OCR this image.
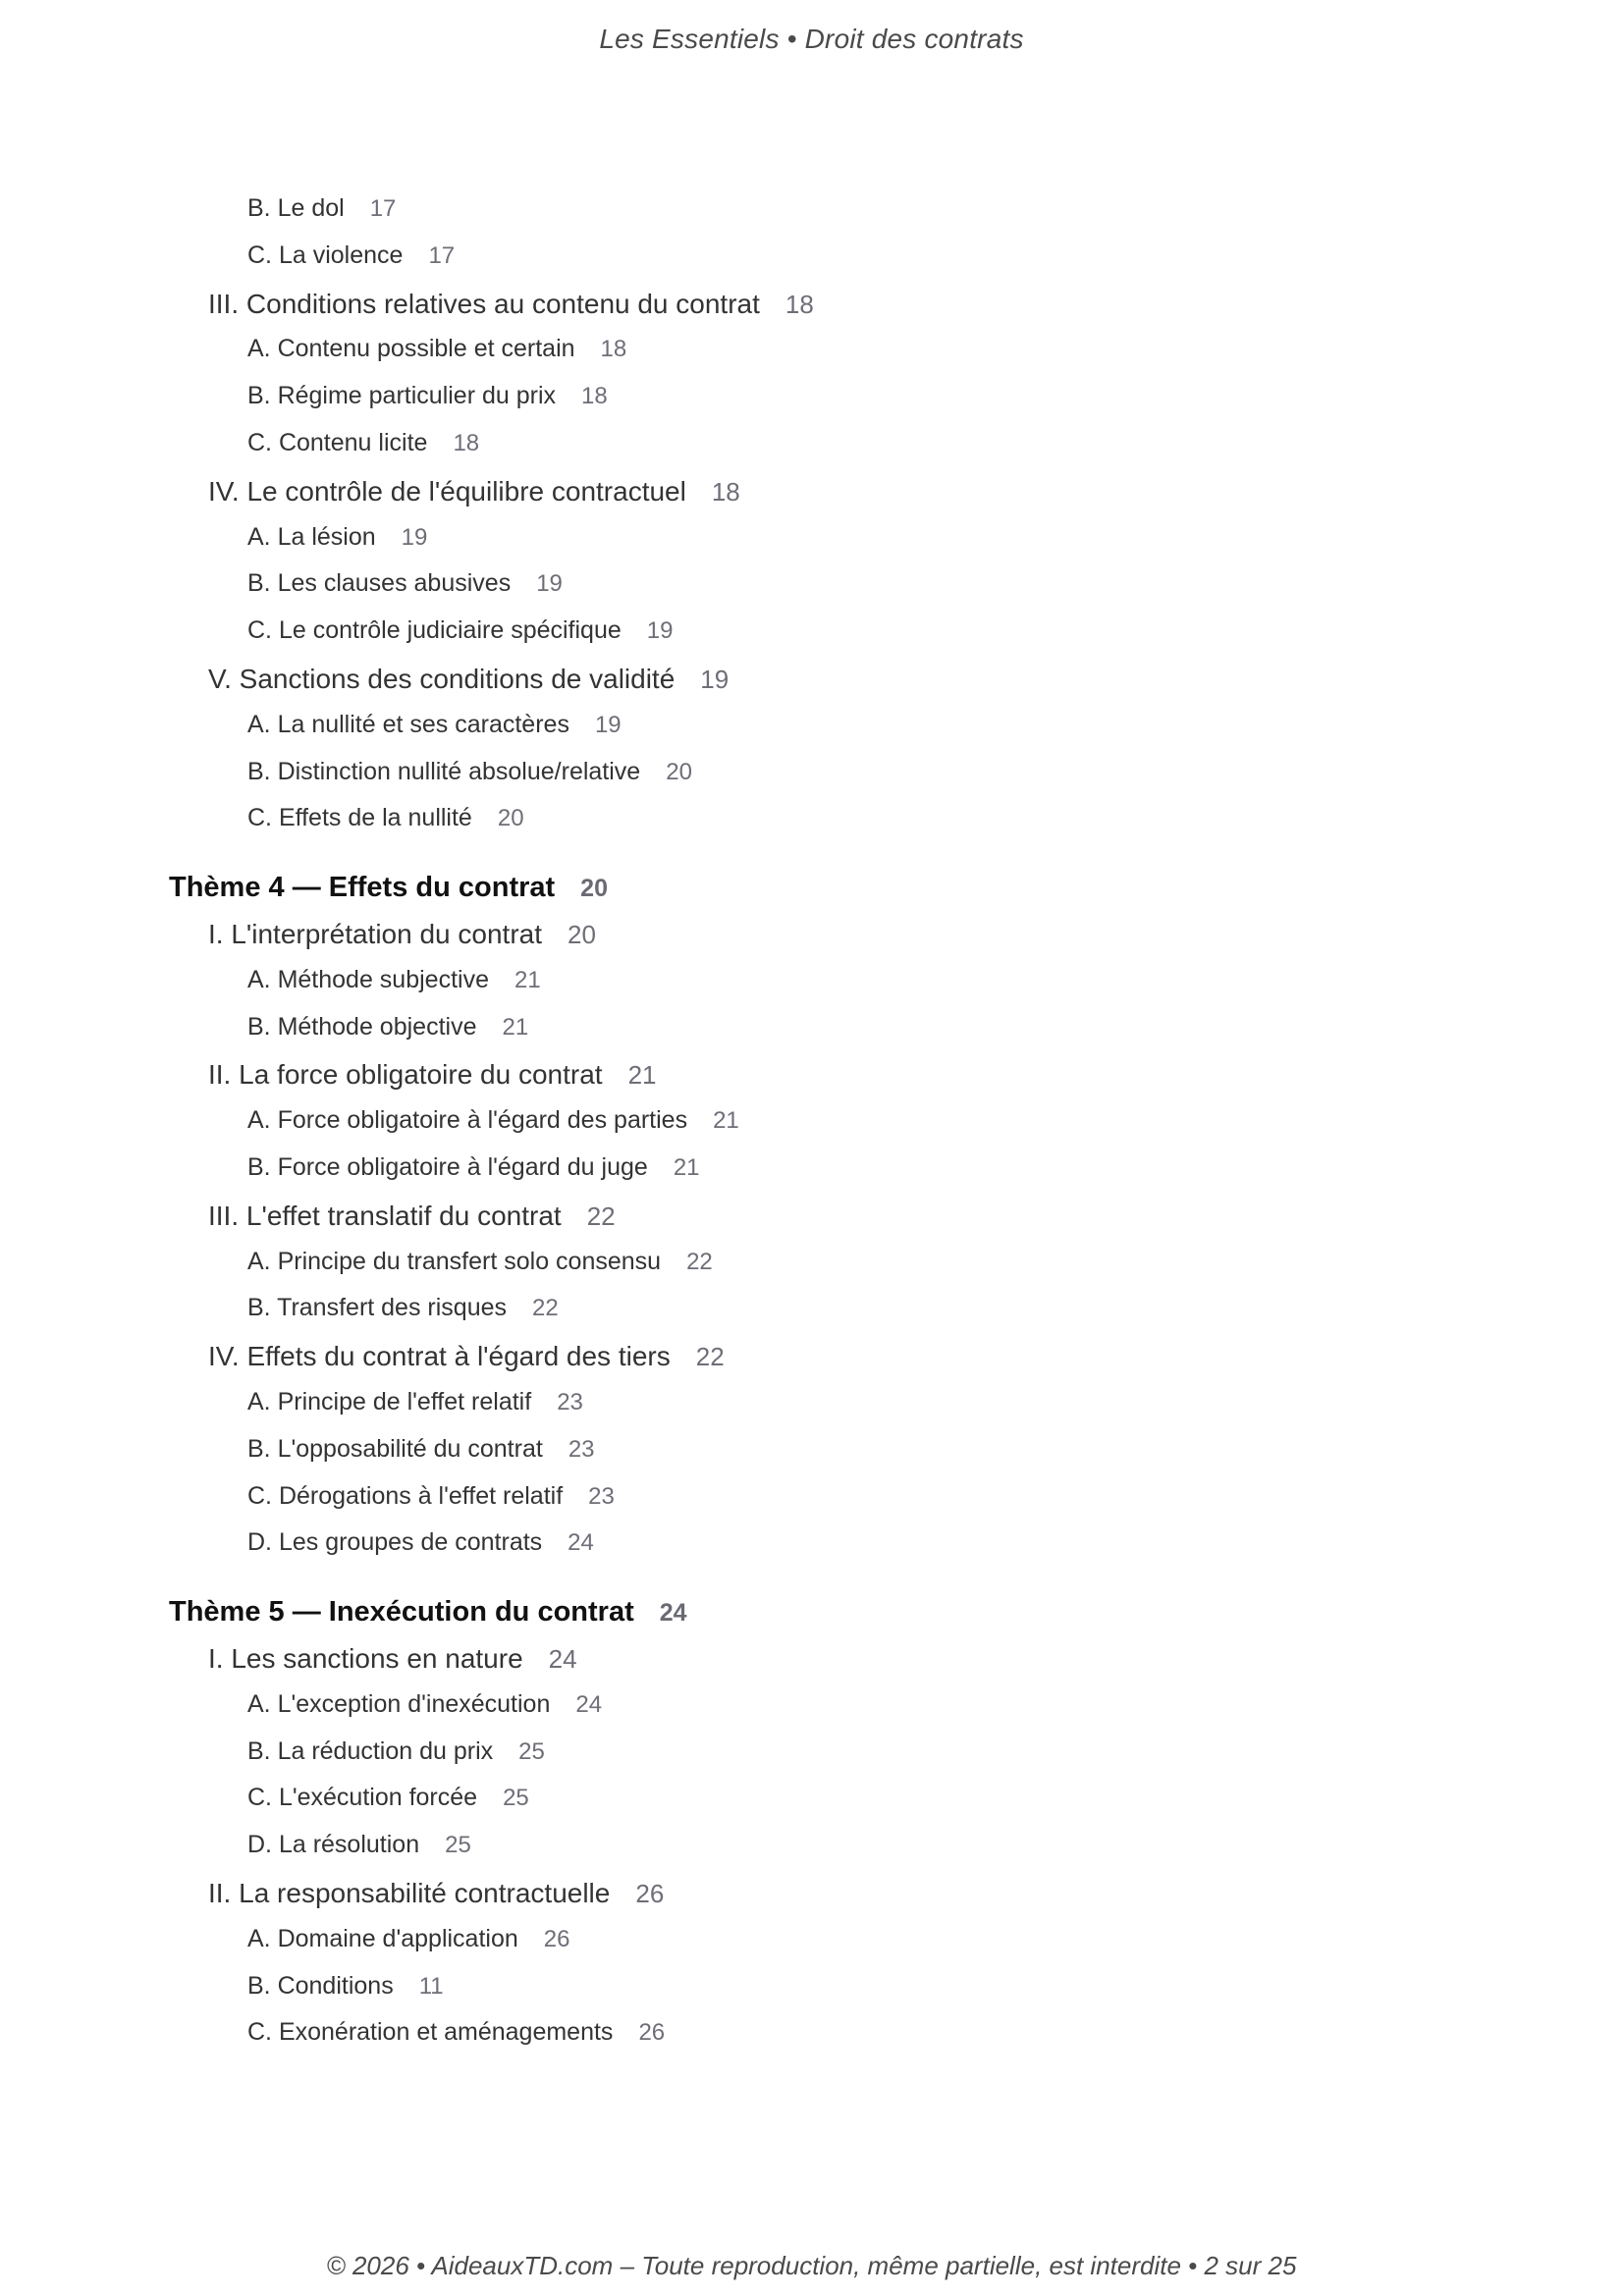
Les Essentiels • Droit des contrats
B. Le dol 17
C. La violence 17
III. Conditions relatives au contenu du contrat 18
A. Contenu possible et certain 18
B. Régime particulier du prix 18
C. Contenu licite 18
IV. Le contrôle de l'équilibre contractuel 18
A. La lésion 19
B. Les clauses abusives 19
C. Le contrôle judiciaire spécifique 19
V. Sanctions des conditions de validité 19
A. La nullité et ses caractères 19
B. Distinction nullité absolue/relative 20
C. Effets de la nullité 20
Thème 4 — Effets du contrat 20
I. L'interprétation du contrat 20
A. Méthode subjective 21
B. Méthode objective 21
II. La force obligatoire du contrat 21
A. Force obligatoire à l'égard des parties 21
B. Force obligatoire à l'égard du juge 21
III. L'effet translatif du contrat 22
A. Principe du transfert solo consensu 22
B. Transfert des risques 22
IV. Effets du contrat à l'égard des tiers 22
A. Principe de l'effet relatif 23
B. L'opposabilité du contrat 23
C. Dérogations à l'effet relatif 23
D. Les groupes de contrats 24
Thème 5 — Inexécution du contrat 24
I. Les sanctions en nature 24
A. L'exception d'inexécution 24
B. La réduction du prix 25
C. L'exécution forcée 25
D. La résolution 25
II. La responsabilité contractuelle 26
A. Domaine d'application 26
B. Conditions 11
C. Exonération et aménagements 26
© 2026 • AideauxTD.com – Toute reproduction, même partielle, est interdite • 2 sur 25
